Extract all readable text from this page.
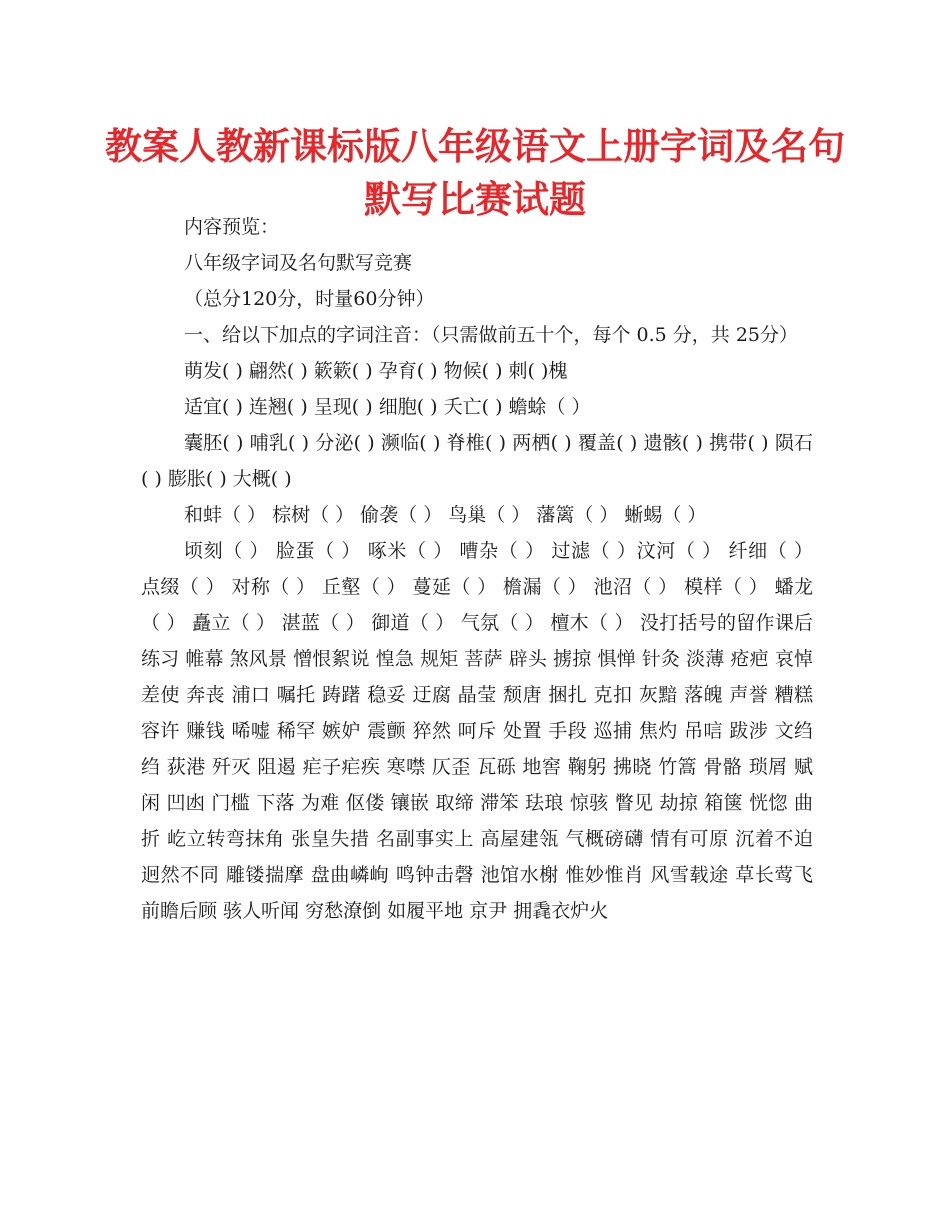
教案人教新课标版八年级语文上册字词及名句默写比赛试题

内容预览：

八年级字词及名句默写竞赛

（总分120分，时量60分钟）

一、给以下加点的字词注音：（只需做前五十个，每个 0.5 分，共 25分）

萌发( ) 翩然( ) 簌簌( ) 孕育( ) 物候( ) 刺( )槐

适宜( ) 连翘( ) 呈现( ) 细胞( ) 夭亡( ) 蟾蜍（ ）

囊胚( ) 哺乳( ) 分泌( ) 濒临( ) 脊椎( ) 两栖( ) 覆盖( ) 遗骸( ) 携带( ) 陨石( ) 膨胀( ) 大概( )

和蚌（ ） 棕树（ ） 偷袭（ ） 鸟巢（ ） 藩篱（ ） 蜥蜴（ ）

顷刻（ ） 脸蛋（ ） 啄米（ ） 嘈杂（ ） 过滤（ ）汶河（ ） 纤细（ ） 点缀（ ） 对称（ ） 丘壑（ ） 蔓延（ ） 檐漏（ ） 池沼（ ） 模样（ ） 蟠龙（ ） 矗立（ ） 湛蓝（ ） 御道（ ） 气氛（ ） 檀木（ ） 没打括号的留作课后练习 帷幕 煞风景 憎恨絮说 惶急 规矩 菩萨 辟头 掳掠 惧惮 针灸 淡薄 疮疤 哀悼 差使 奔丧 浦口 嘱托 踌躇 稳妥 迂腐 晶莹 颓唐 捆扎 克扣 灰黯 落魄 声誉 糟糕 容许 赚钱 唏嘘 稀罕 嫉妒 震颤 猝然 呵斥 处置 手段 巡捕 焦灼 吊唁 跋涉 文绉绉 荻港 歼灭 阻遏 疟子疟疾 寒噤 仄歪 瓦砾 地窖 鞠躬 拂晓 竹篙 骨骼 琐屑 赋闲 凹凼 门槛 下落 为难 伛偻 镶嵌 取缔 滞笨 珐琅 惊骇 瞥见 劫掠 箱箧 恍惚 曲折 屹立转弯抹角 张皇失措 名副事实上 高屋建瓴 气概磅礴 情有可原 沉着不迫 迥然不同 雕镂揣摩 盘曲嶙峋 鸣钟击磬 池馆水榭 惟妙惟肖 风雪载途 草长莺飞 前瞻后顾 骇人听闻 穷愁潦倒 如履平地 京尹 拥毳衣炉火
